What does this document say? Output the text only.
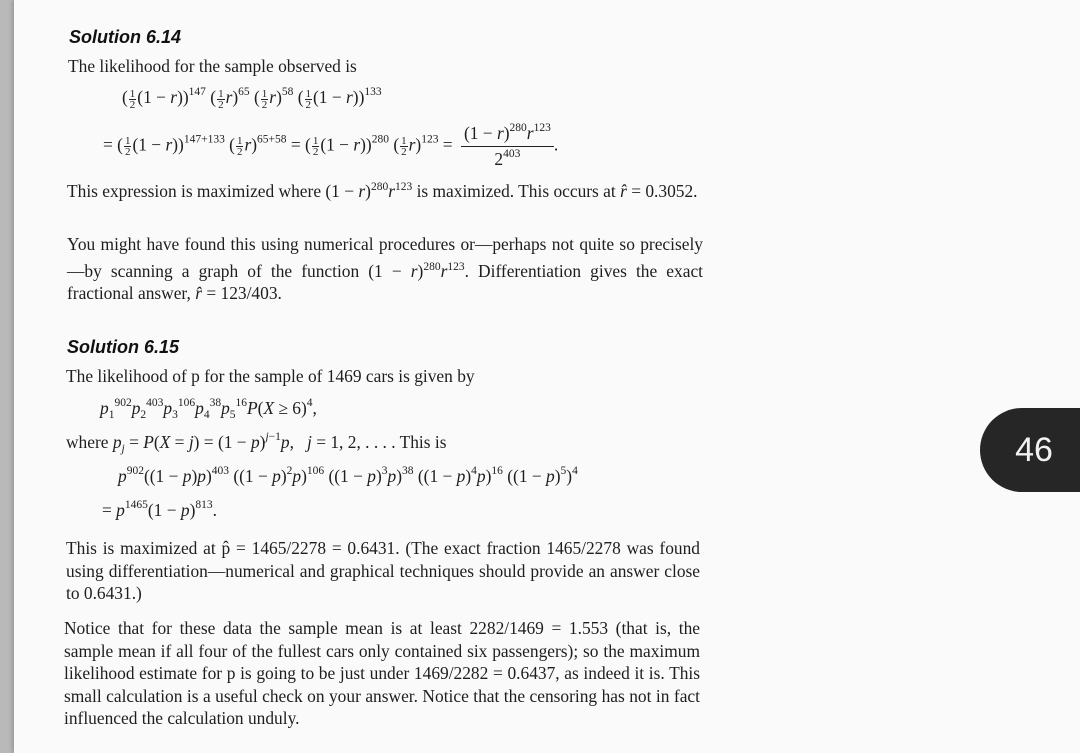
Solution 6.14
The likelihood for the sample observed is
( $\frac{1}{2} (1 - r))^{147}$ ( $\frac{1}{2} r)^{65}$ ( $\frac{1}{2} r)^{58}$ ( $\frac{1}{2} (1 - r))^{133}$
= ( $\frac{1}{2} (1 - r))^{147+133}$ ( $\frac{1}{2} r)^{65+58}$ = ( $\frac{1}{2} (1 - r))^{280}$ ( $\frac{1}{2} r)^{123} = \frac{(1 - r)^{280}r^{123}}{2^{403}}$ .
This expression is maximized where $(1 - r)^{280}r^{123}$ is maximized. This occurs at r̂ = 0.3052.
You might have found this using numerical procedures or—perhaps not quite so precisely—by scanning a graph of the function $(1 - r)^{280}r^{123}$. Differentiation gives the exact fractional answer, r̂ = 123/403.
Solution 6.15
The likelihood of p for the sample of 1469 cars is given by
$p_1^{902}p_2^{403}p_3^{106}p_4^{38}p_5^{16}P(X \ge 6)^4$,
where $p_j = P(X = j) = (1 - p)^{j-1}p$,   j = 1, 2, . . . . This is
$p^{902}((1 - p)p)^{403}$ $((1 - p)^2p)^{106}$ $((1 - p)^3p)^{38}$ $((1 - p)^4p)^{16}$ $((1 - p)^5)^4$
= $p^{1465}(1 - p)^{813}$.
This is maximized at p̂ = 1465/2278 = 0.6431. (The exact fraction 1465/2278 was found using differentiation—numerical and graphical techniques should provide an answer close to 0.6431.)
Notice that for these data the sample mean is at least 2282/1469 = 1.553 (that is, the sample mean if all four of the fullest cars only contained six passengers); so the maximum likelihood estimate for p is going to be just under 1469/2282 = 0.6437, as indeed it is. This small calculation is a useful check on your answer. Notice that the censoring has not in fact influenced the calculation unduly.
46
